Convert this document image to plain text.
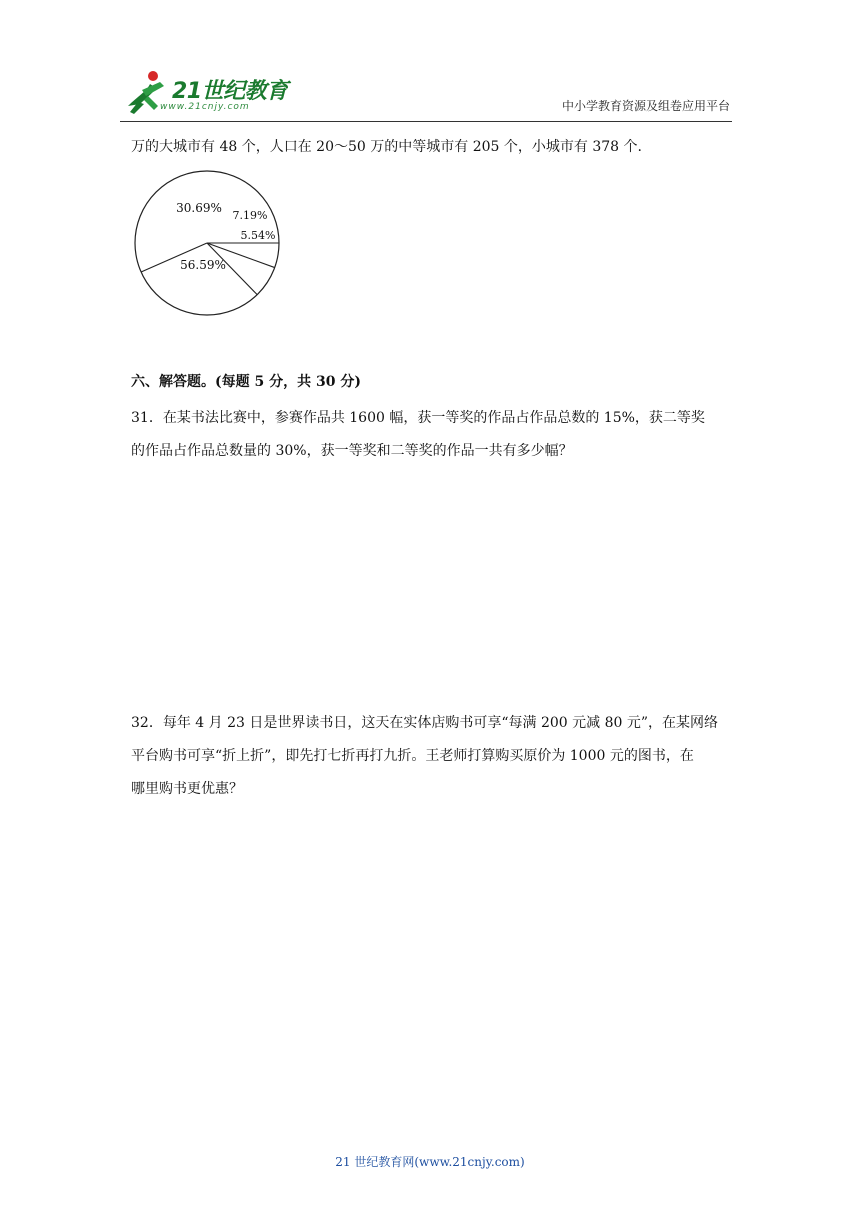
21世纪教育
www.21cnjy.com	中小学教育资源及组卷应用平台
万的大城市有 48 个，人口在 20～50 万的中等城市有 205 个，小城市有 378 个.
56.59%
30.69%
7.19%
5.54%
六、解答题。(每题 5 分，共 30 分)
31．在某书法比赛中，参赛作品共 1600 幅，获一等奖的作品占作品总数的 15%，获二等奖
的作品占作品总数量的 30%，获一等奖和二等奖的作品一共有多少幅？
32．每年 4 月 23 日是世界读书日，这天在实体店购书可享“每满 200 元减 80 元”，在某网络
平台购书可享“折上折”，即先打七折再打九折。王老师打算购买原价为 1000 元的图书，在
哪里购书更优惠？
21 世纪教育网(www.21cnjy.com)
